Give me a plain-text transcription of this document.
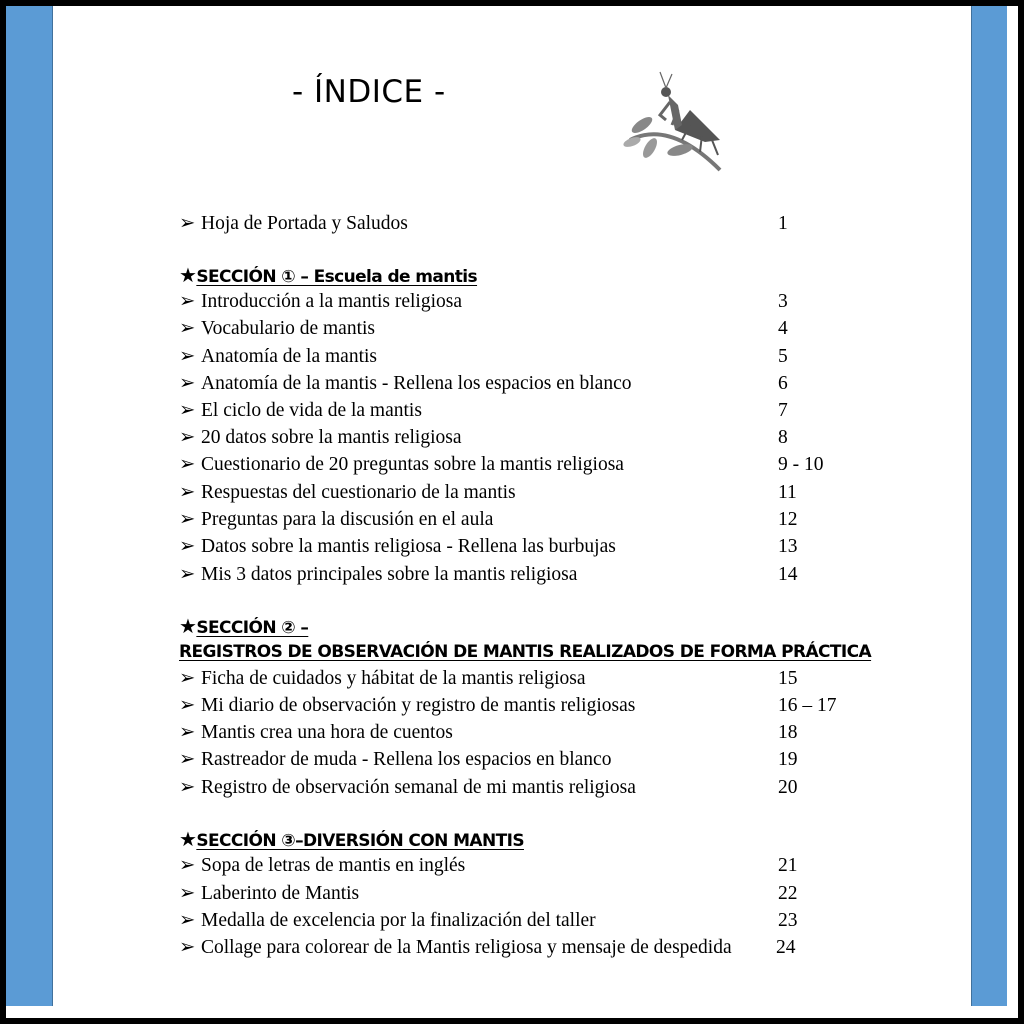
- ÍNDICE -
➢ Hoja de Portada y Saludos	1
★SECCIÓN ① – Escuela de mantis
➢ Introducción a la mantis religiosa	3
➢ Vocabulario de mantis	4
➢ Anatomía de la mantis	5
➢ Anatomía de la mantis - Rellena los espacios en blanco	6
➢ El ciclo de vida de la mantis	7
➢ 20 datos sobre la mantis religiosa	8
➢ Cuestionario de 20 preguntas sobre la mantis religiosa	9 - 10
➢ Respuestas del cuestionario de la mantis	11
➢ Preguntas para la discusión en el aula	12
➢ Datos sobre la mantis religiosa - Rellena las burbujas	13
➢ Mis 3 datos principales sobre la mantis religiosa	14
★SECCIÓN ② –
REGISTROS DE OBSERVACIÓN DE MANTIS REALIZADOS DE FORMA PRÁCTICA
➢ Ficha de cuidados y hábitat de la mantis religiosa	15
➢ Mi diario de observación y registro de mantis religiosas	16 – 17
➢ Mantis crea una hora de cuentos	18
➢ Rastreador de muda - Rellena los espacios en blanco	19
➢ Registro de observación semanal de mi mantis religiosa	20
★SECCIÓN ③–DIVERSIÓN CON MANTIS
➢ Sopa de letras de mantis en inglés	21
➢ Laberinto de Mantis	22
➢ Medalla de excelencia por la finalización del taller	23
➢ Collage para colorear de la Mantis religiosa y mensaje de despedida 24
